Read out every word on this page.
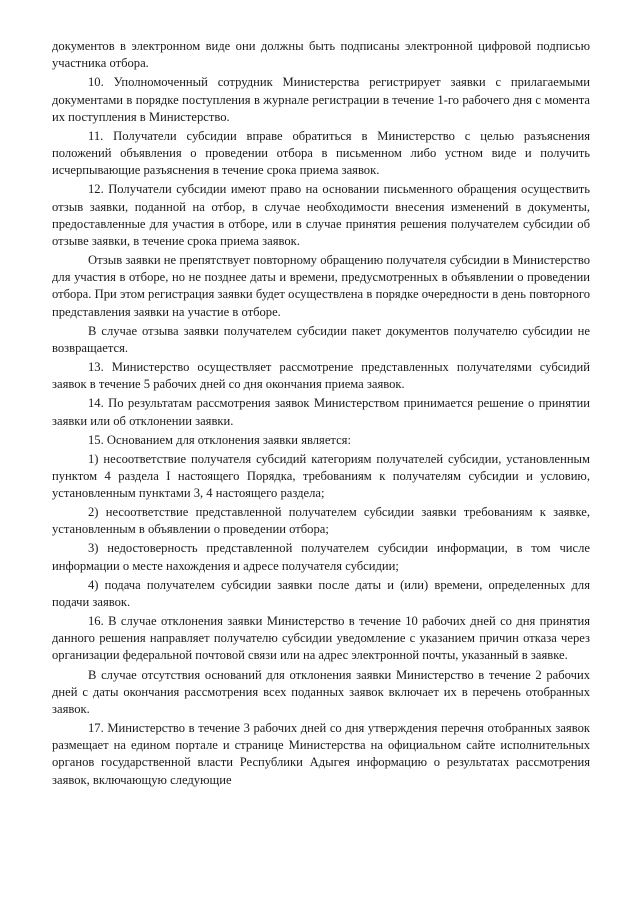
документов в электронном виде они должны быть подписаны электронной цифровой подписью участника отбора.

10. Уполномоченный сотрудник Министерства регистрирует заявки с прилагаемыми документами в порядке поступления в журнале регистрации в течение 1-го рабочего дня с момента их поступления в Министерство.

11. Получатели субсидии вправе обратиться в Министерство с целью разъяснения положений объявления о проведении отбора в письменном либо устном виде и получить исчерпывающие разъяснения в течение срока приема заявок.

12. Получатели субсидии имеют право на основании письменного обращения осуществить отзыв заявки, поданной на отбор, в случае необходимости внесения изменений в документы, предоставленные для участия в отборе, или в случае принятия решения получателем субсидии об отзыве заявки, в течение срока приема заявок.

Отзыв заявки не препятствует повторному обращению получателя субсидии в Министерство для участия в отборе, но не позднее даты и времени, предусмотренных в объявлении о проведении отбора. При этом регистрация заявки будет осуществлена в порядке очередности в день повторного представления заявки на участие в отборе.

В случае отзыва заявки получателем субсидии пакет документов получателю субсидии не возвращается.

13. Министерство осуществляет рассмотрение представленных получателями субсидий заявок в течение 5 рабочих дней со дня окончания приема заявок.

14. По результатам рассмотрения заявок Министерством принимается решение о принятии заявки или об отклонении заявки.

15. Основанием для отклонения заявки является:

1) несоответствие получателя субсидий категориям получателей субсидии, установленным пунктом 4 раздела I настоящего Порядка, требованиям к получателям субсидии и условию, установленным пунктами 3, 4 настоящего раздела;

2) несоответствие представленной получателем субсидии заявки требованиям к заявке, установленным в объявлении о проведении отбора;

3) недостоверность представленной получателем субсидии информации, в том числе информации о месте нахождения и адресе получателя субсидии;

4) подача получателем субсидии заявки после даты и (или) времени, определенных для подачи заявок.

16. В случае отклонения заявки Министерство в течение 10 рабочих дней со дня принятия данного решения направляет получателю субсидии уведомление с указанием причин отказа через организации федеральной почтовой связи или на адрес электронной почты, указанный в заявке.

В случае отсутствия оснований для отклонения заявки Министерство в течение 2 рабочих дней с даты окончания рассмотрения всех поданных заявок включает их в перечень отобранных заявок.

17. Министерство в течение 3 рабочих дней со дня утверждения перечня отобранных заявок размещает на едином портале и странице Министерства на официальном сайте исполнительных органов государственной власти Республики Адыгея информацию о результатах рассмотрения заявок, включающую следующие
